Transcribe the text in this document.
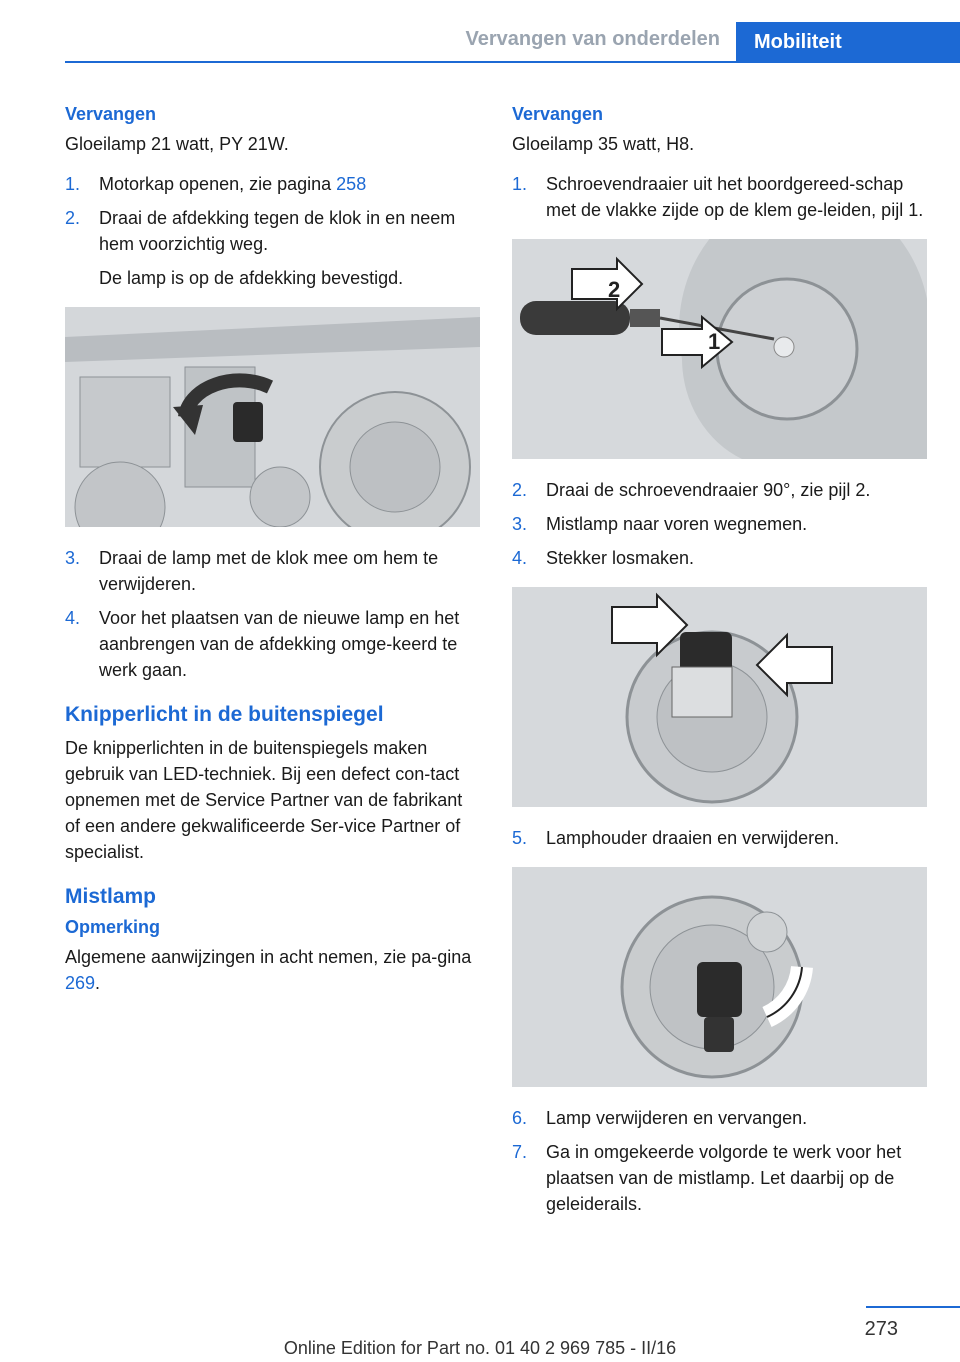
Vervangen van onderdelen	Mobiliteit
Vervangen
Gloeilamp 21 watt, PY 21W.
1. Motorkap openen, zie pagina 258
2. Draai de afdekking tegen de klok in en neem hem voorzichtig weg.
De lamp is op de afdekking bevestigd.
3. Draai de lamp met de klok mee om hem te verwijderen.
4. Voor het plaatsen van de nieuwe lamp en het aanbrengen van de afdekking omge‐keerd te werk gaan.
Knipperlicht in de buitenspiegel
De knipperlichten in de buitenspiegels maken gebruik van LED-techniek. Bij een defect con‐tact opnemen met de Service Partner van de fabrikant of een andere gekwalificeerde Ser‐vice Partner of specialist.
Mistlamp
Opmerking
Algemene aanwijzingen in acht nemen, zie pa‐gina 269.
Vervangen
Gloeilamp 35 watt, H8.
1. Schroevendraaier uit het boordgereed‐schap met de vlakke zijde op de klem ge‐leiden, pijl 1.
2
1
2. Draai de schroevendraaier 90°, zie pijl 2.
3. Mistlamp naar voren wegnemen.
4. Stekker losmaken.
5. Lamphouder draaien en verwijderen.
6. Lamp verwijderen en vervangen.
7. Ga in omgekeerde volgorde te werk voor het plaatsen van de mistlamp. Let daarbij op de geleiderails.
273
Online Edition for Part no. 01 40 2 969 785 - II/16
